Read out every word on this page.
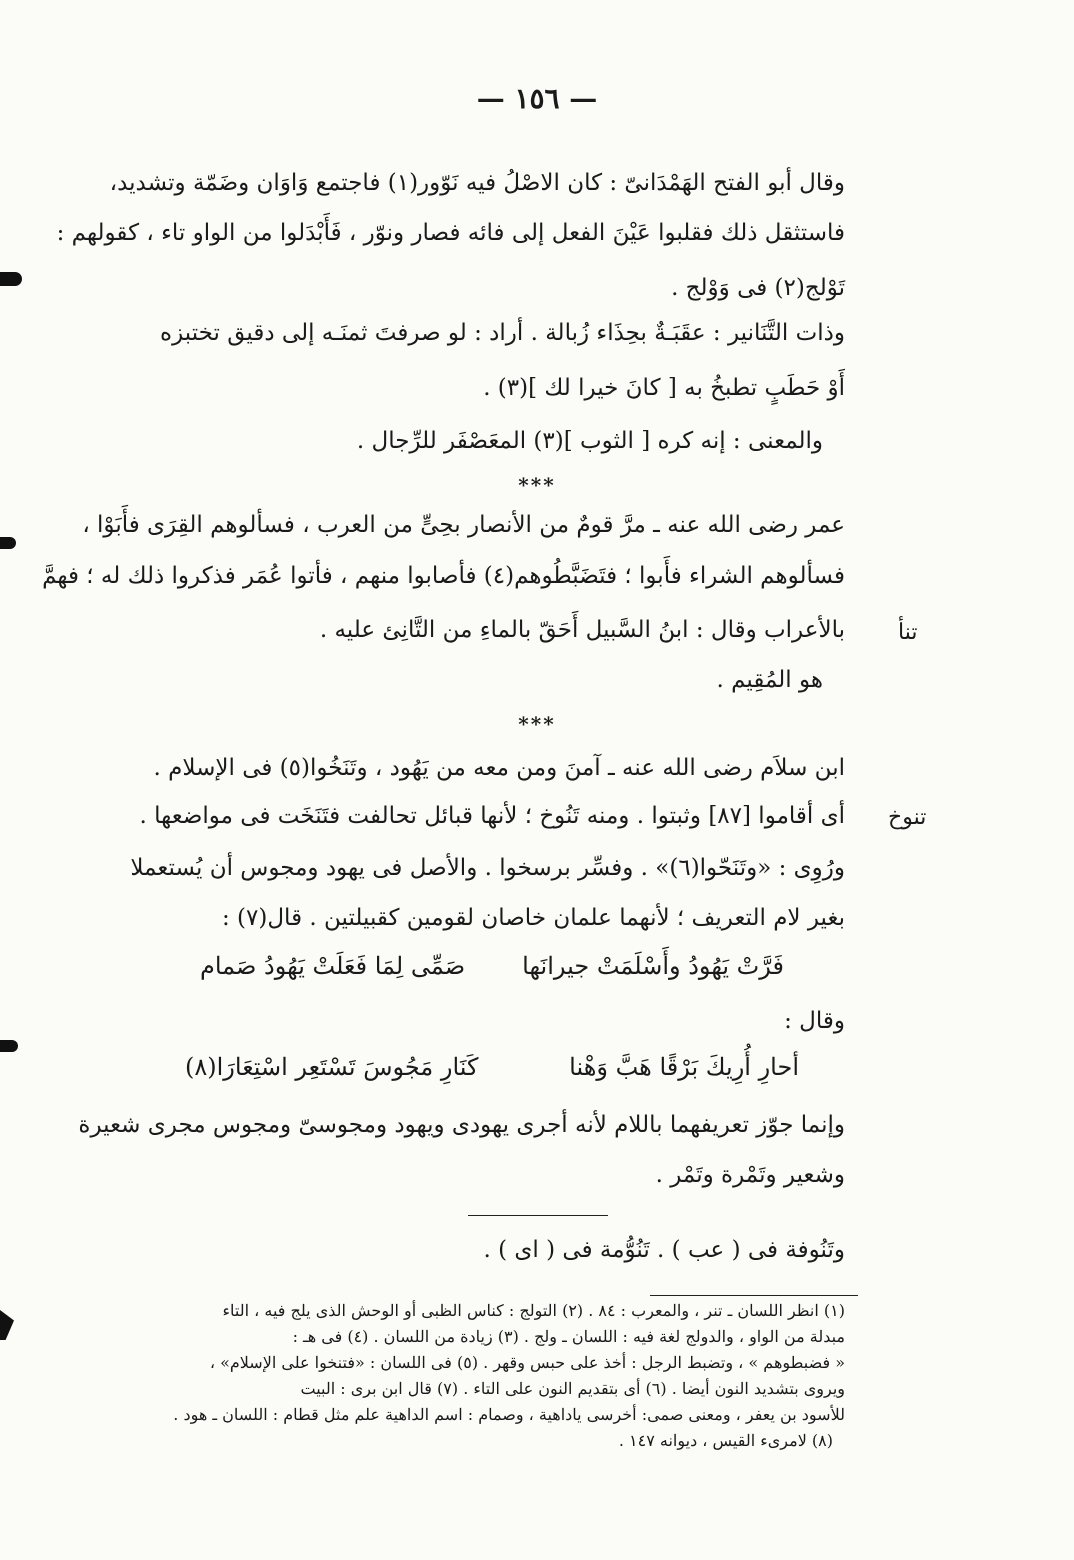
— ١٥٦ —
وقال أبو الفتح الهَمْدَانىّ : كان الاصْلُ فيه نَوّور(١) فاجتمع وَاوَان وضَمّة وتشديد،
فاستثقل ذلك فقلبوا عَيْنَ الفعل إلى فائه فصار ونوّر ، فَأَبْدَلوا من الواو تاء ، كقولهم :
تَوْلج(٢) فى وَوْلج .
وذات التَّنَانير : عقَبَـةٌ بحِذَاء زُبالة . أراد : لو صرفتَ ثمنَـه إلى دقيق تختبزه
أَوْ حَطَبٍ تطبخُ به [ كانَ خيرا لك ](٣) .
والمعنى : إنه كره [ الثوب ](٣) المعَصْفَر للرِّجال .
عمر رضى الله عنه ـ مرَّ قومٌ من الأنصار بحِىٍّ من العرب ، فسألوهم القِرَى فأَبَوْا ،
فسألوهم الشراء فأَبوا ؛ فتَضَبَّطُوهم(٤) فأصابوا منهم ، فأتوا عُمَر فذكروا ذلك له ؛ فهمَّ
بالأعراب وقال : ابنُ السَّبيل أَحَقّ بالماءِ من التَّانِئ عليه .
هو المُقِيم .
ابن سلاَم رضى الله عنه ـ آمنَ ومن معه من يَهُود ، وتَنَخُوا(٥) فى الإسلام .
أى أقاموا [٨٧] وثبتوا . ومنه تَنُوخ ؛ لأنها قبائل تحالفت فتَنَخَت فى مواضعها .
ورُوِى : «وتَنَحّوا(٦)» . وفسِّر برسخوا . والأصل فى يهود ومجوس أن يُستعملا
بغير لام التعريف ؛ لأنهما علمان خاصان لقومين كقبيلتين . قال(٧) :
وقال :
وإنما جوّز تعريفهما باللام لأنه أجرى يهودى ويهود ومجوسىّ ومجوس مجرى شعيرة
وشعير وتَمْرة وتَمْر .
وتَنُوفة فى ( عب ) . تَنُوُّمة فى ( اى ) .
***
***
تنأ
تنوخ
فَرَّتْ يَهُودُ وأَسْلَمَتْ جيرانَها
صَمِّى لِمَا فَعَلَتْ يَهُودُ صَمام
أحارِ أُرِيكَ بَرْقًا هَبَّ وَهْنا
كَنَارِ مَجُوسَ تَسْتَعِر اسْتِعَارَا(٨)
(١) انظر اللسان ـ تنر ، والمعرب : ٨٤ . (٢) التولج : كناس الظبى أو الوحش الذى يلج فيه ، التاء
مبدلة من الواو ، والدولج لغة فيه : اللسان ـ ولج . (٣) زيادة من اللسان . (٤) فى هـ :
« فضبطوهم » ، وتضبط الرجل : أخذ على حبس وقهر . (٥) فى اللسان : «فتنخوا على الإسلام» ،
ويروى بتشديد النون أيضا . (٦) أى بتقديم النون على التاء . (٧) قال ابن برى : البيت
للأسود بن يعفر ، ومعنى صمى: أخرسى ياداهية ، وصمام : اسم الداهية علم مثل قطام : اللسان ـ هود .
(٨) لامرىء القيس ، ديوانه ١٤٧ .
